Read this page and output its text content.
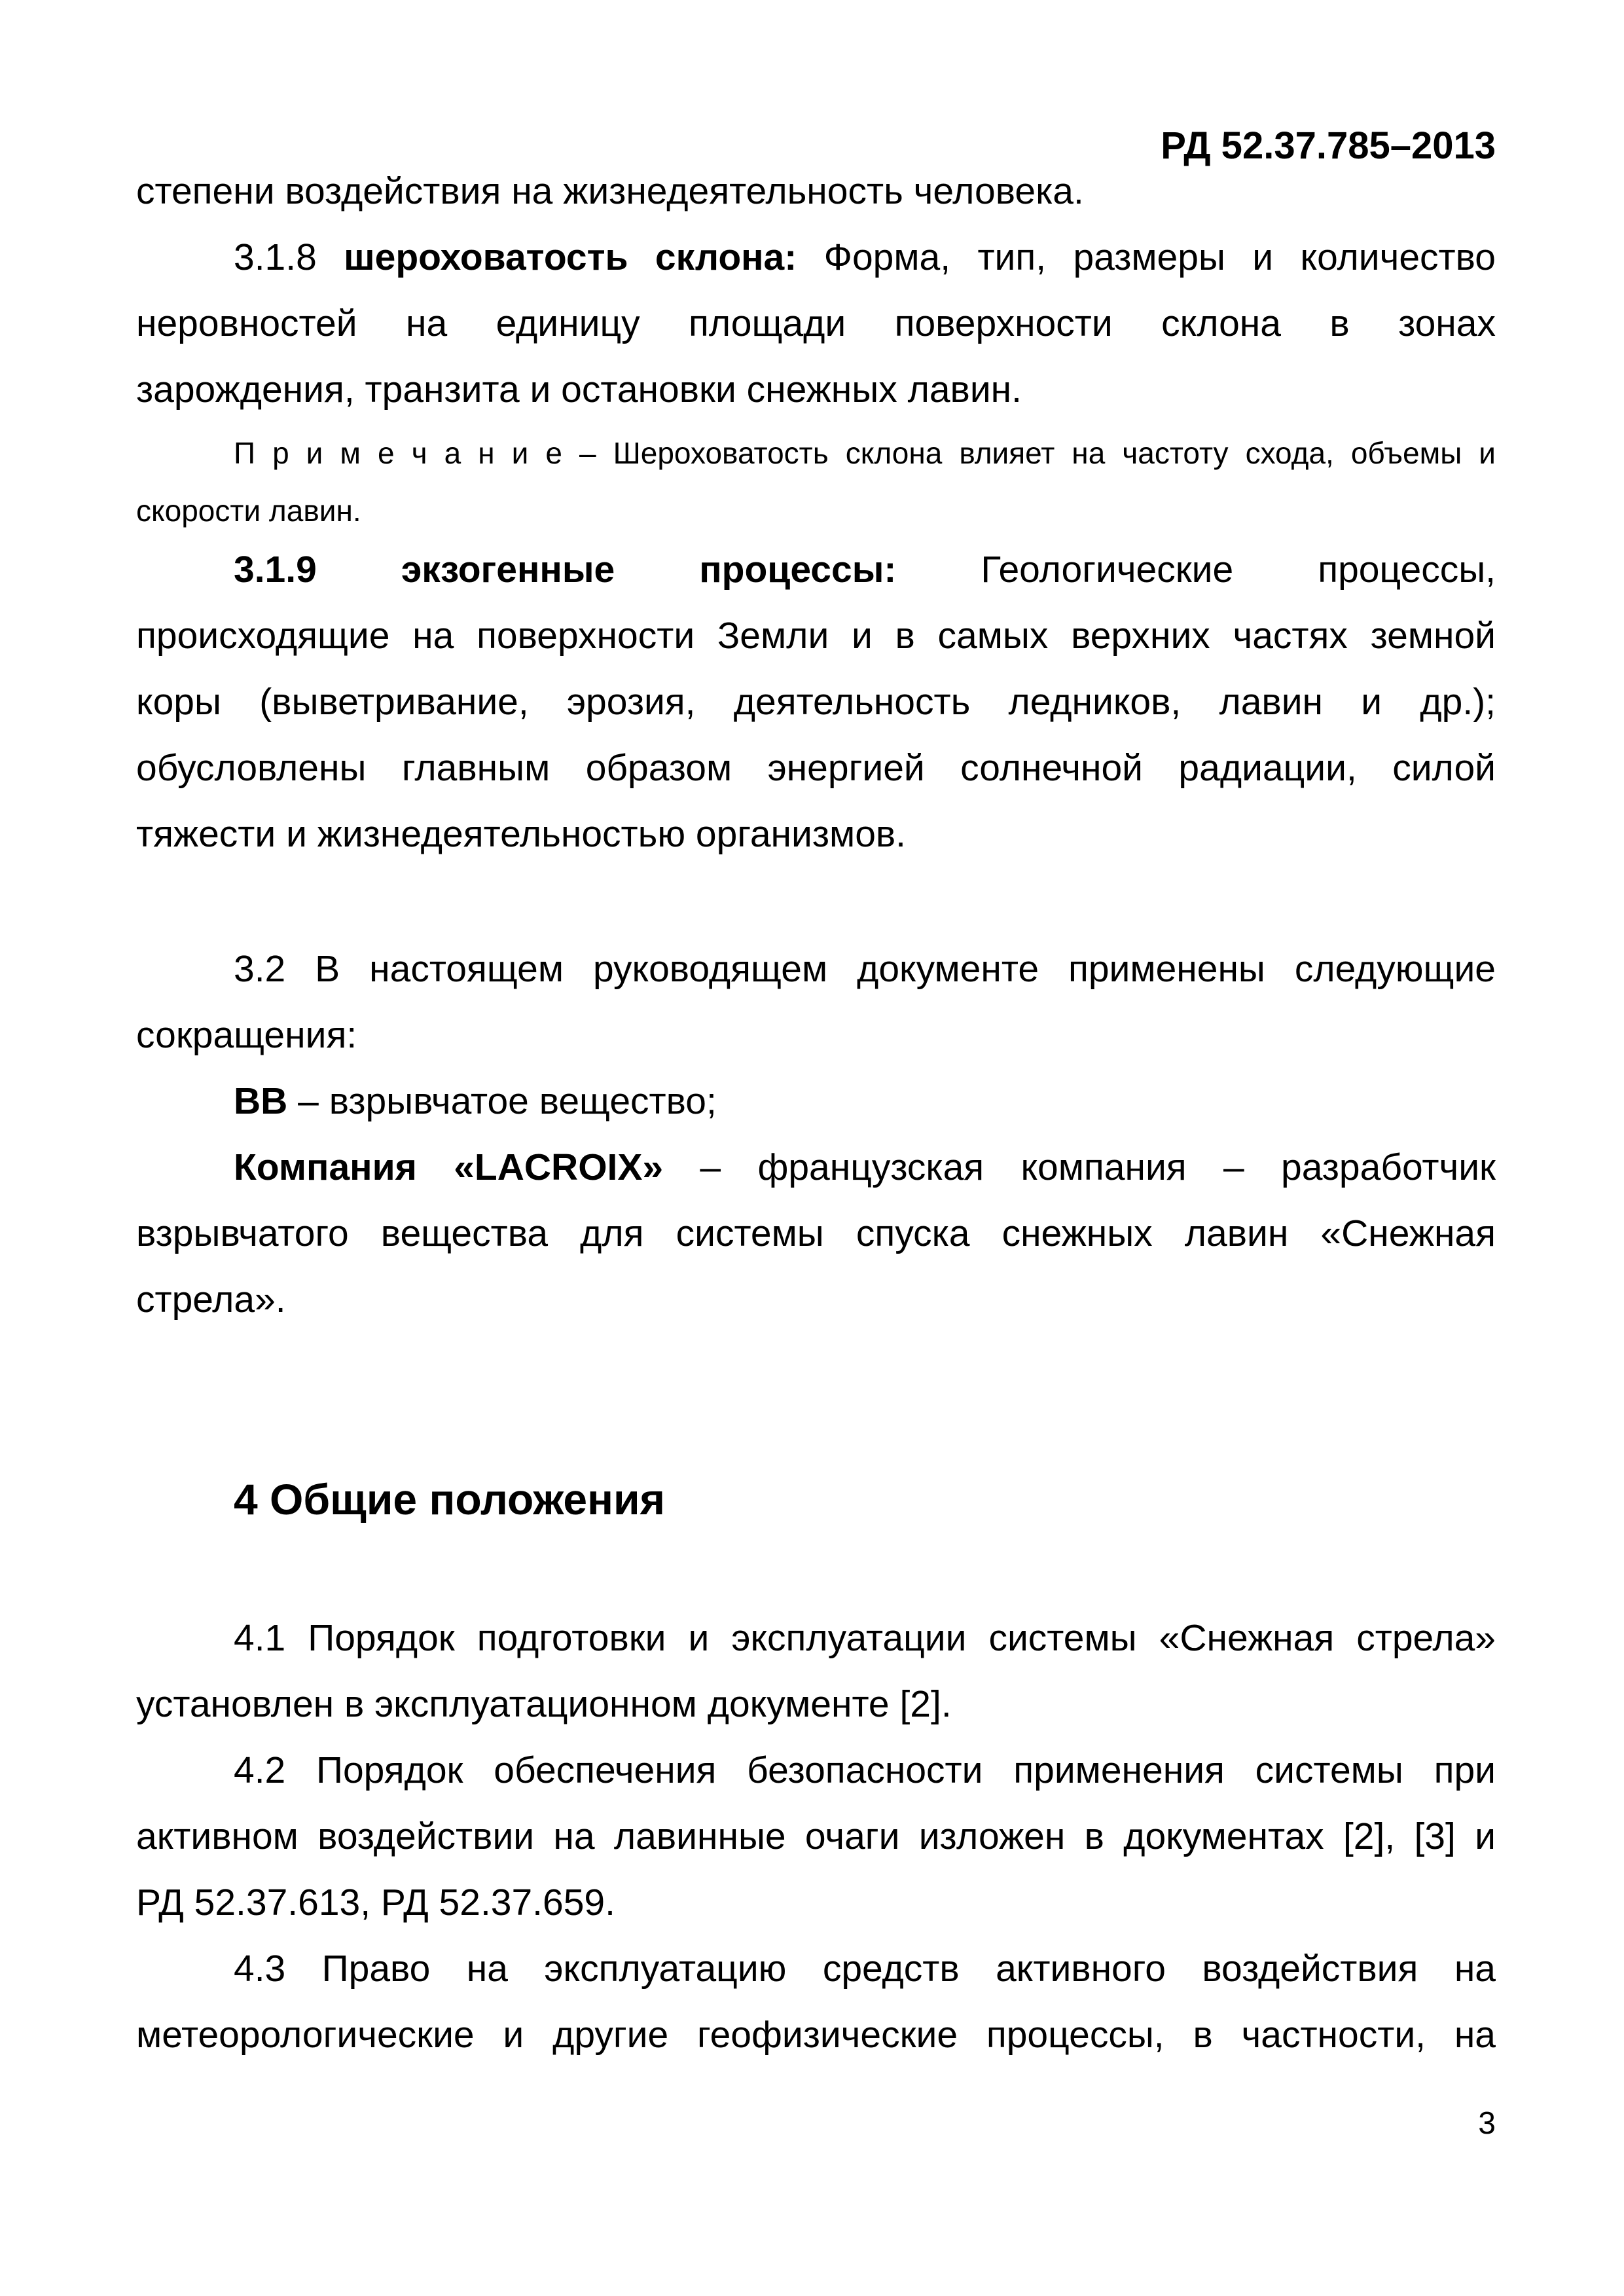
РД 52.37.785–2013
степени воздействия на жизнедеятельность человека.
3.1.8 шероховатость склона: Форма, тип, размеры и количество
неровностей на единицу площади поверхности склона в зонах
зарождения, транзита и остановки снежных лавин.
П р и м е ч а н и е – Шероховатость склона влияет на частоту схода, объемы и
скорости лавин.
3.1.9 экзогенные процессы: Геологические процессы,
происходящие на поверхности Земли и в самых верхних частях земной
коры (выветривание, эрозия, деятельность ледников, лавин и др.);
обусловлены главным образом энергией солнечной радиации, силой
тяжести и жизнедеятельностью организмов.
3.2 В настоящем руководящем документе применены следующие
сокращения:
ВВ – взрывчатое вещество;
Компания «LACROIX» – французская компания – разработчик
взрывчатого вещества для системы спуска снежных лавин «Снежная
стрела».
4 Общие положения
4.1 Порядок подготовки и эксплуатации системы «Снежная стрела»
установлен в эксплуатационном документе [2].
4.2 Порядок обеспечения безопасности применения системы при
активном воздействии на лавинные очаги изложен в документах [2], [3] и
РД 52.37.613, РД 52.37.659.
4.3 Право на эксплуатацию средств активного воздействия на
метеорологические и другие геофизические процессы, в частности, на
3
